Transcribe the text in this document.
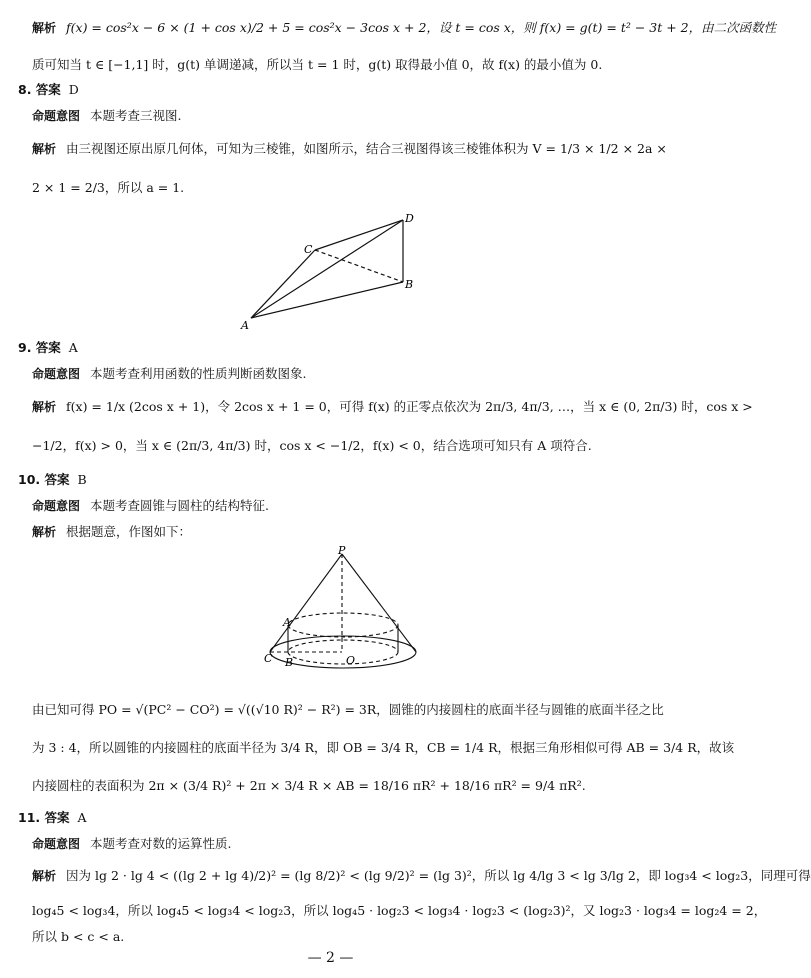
解析 f(x) = cos²x − 6 × (1 + cos x)/2 + 5 = cos²x − 3cos x + 2，设 t = cos x，则 f(x) = g(t) = t² − 3t + 2，由二次函数性
质可知当 t ∈ [−1,1] 时，g(t) 单调递减，所以当 t = 1 时，g(t) 取得最小值 0，故 f(x) 的最小值为 0.
8. 答案 D
命题意图 本题考查三视图.
解析 由三视图还原出原几何体，可知为三棱锥，如图所示，结合三视图得该三棱锥体积为 V = 1/3 × 1/2 × 2a ×
2 × 1 = 2/3，所以 a = 1.
A
B
C
D
9. 答案 A
命题意图 本题考查利用函数的性质判断函数图象.
解析 f(x) = 1/x (2cos x + 1)，令 2cos x + 1 = 0，可得 f(x) 的正零点依次为 2π/3, 4π/3, …，当 x ∈ (0, 2π/3) 时，cos x >
−1/2，f(x) > 0，当 x ∈ (2π/3, 4π/3) 时，cos x < −1/2，f(x) < 0，结合选项可知只有 A 项符合.
10. 答案 B
命题意图 本题考查圆锥与圆柱的结构特征.
解析 根据题意，作图如下：
P
A
C B	O
由已知可得 PO = √(PC² − CO²) = √((√10 R)² − R²) = 3R，圆锥的内接圆柱的底面半径与圆锥的底面半径之比
为 3 : 4，所以圆锥的内接圆柱的底面半径为 3/4 R，即 OB = 3/4 R，CB = 1/4 R，根据三角形相似可得 AB = 3/4 R，故该
内接圆柱的表面积为 2π × (3/4 R)² + 2π × 3/4 R × AB = 18/16 πR² + 18/16 πR² = 9/4 πR².
11. 答案 A
命题意图 本题考查对数的运算性质.
解析 因为 lg 2 · lg 4 < ((lg 2 + lg 4)/2)² = (lg 8/2)² < (lg 9/2)² = (lg 3)²，所以 lg 4/lg 3 < lg 3/lg 2，即 log₃4 < log₂3，同理可得
log₄5 < log₃4，所以 log₄5 < log₃4 < log₂3，所以 log₄5 · log₂3 < log₃4 · log₂3 < (log₂3)²，又 log₂3 · log₃4 = log₂4 = 2，
所以 b < c < a.
— 2 —
